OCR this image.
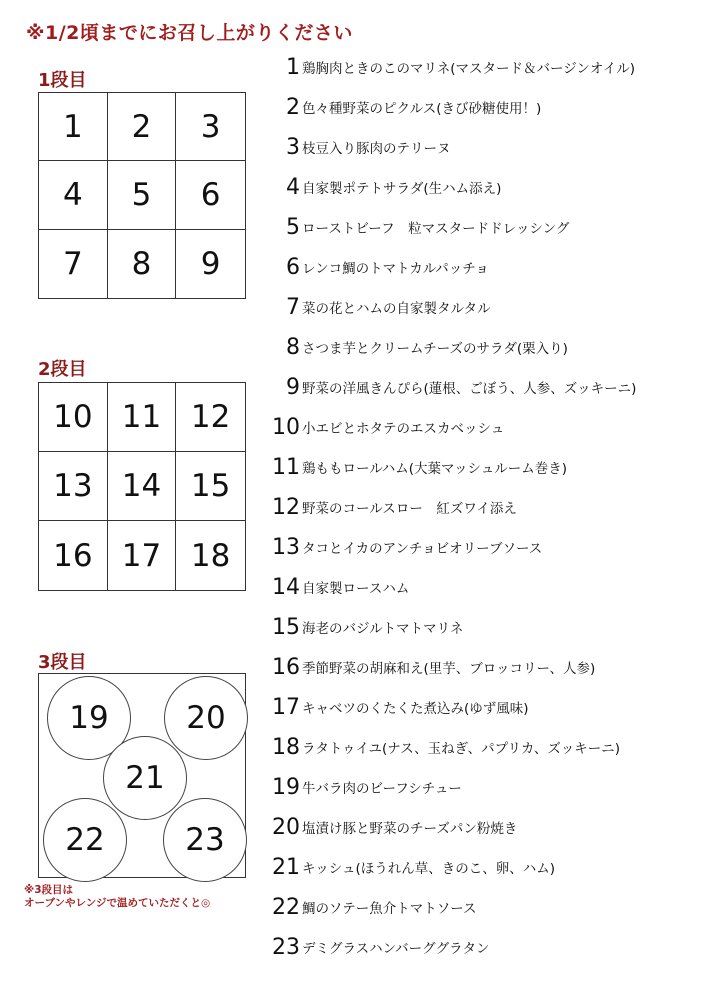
※1/2頃までにお召し上がりください
1段目
1	2	3
4	5	6
7	8	9
2段目
10 11 12
13 14 15
16 17 18
3段目
19	20
21
22	23
※3段目は
オーブンやレンジで温めていただくと◎
1 鶏胸肉ときのこのマリネ(マスタード＆バージンオイル)
2 色々種野菜のピクルス(きび砂糖使用！)
3 枝豆入り豚肉のテリーヌ
4 自家製ポテトサラダ(生ハム添え)
5 ローストビーフ　粒マスタードドレッシング
6 レンコ鯛のトマトカルパッチョ
7 菜の花とハムの自家製タルタル
8 さつま芋とクリームチーズのサラダ(栗入り)
9 野菜の洋風きんぴら(蓮根、ごぼう、人参、ズッキーニ)
10 小エビとホタテのエスカベッシュ
11 鶏ももロールハム(大葉マッシュルーム巻き)
12 野菜のコールスロー　紅ズワイ添え
13 タコとイカのアンチョビオリーブソース
14 自家製ロースハム
15 海老のバジルトマトマリネ
16 季節野菜の胡麻和え(里芋、ブロッコリー、人参)
17 キャベツのくたくた煮込み(ゆず風味)
18 ラタトゥイユ(ナス、玉ねぎ、パプリカ、ズッキーニ)
19 牛バラ肉のビーフシチュー
20 塩漬け豚と野菜のチーズパン粉焼き
21 キッシュ(ほうれん草、きのこ、卵、ハム)
22 鯛のソテー魚介トマトソース
23 デミグラスハンバーググラタン
